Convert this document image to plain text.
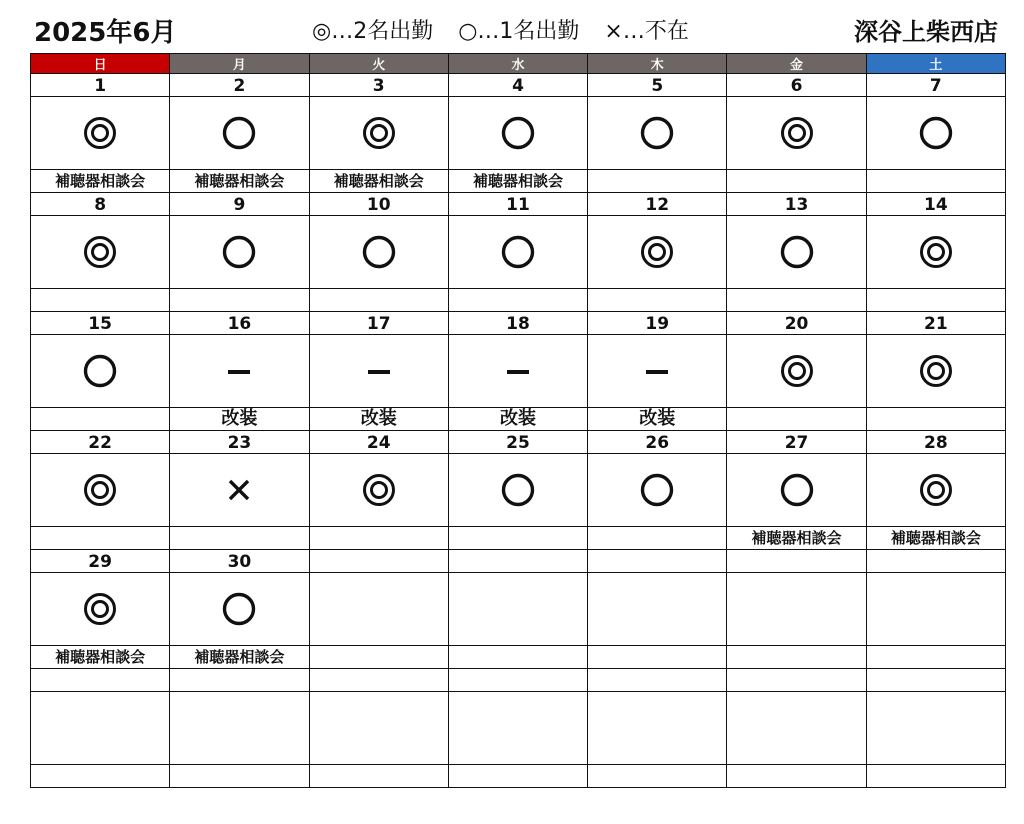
2025年6月	◎…2名出勤 ○…1名出勤 ×…不在	深谷上柴西店
日	月	火	水	木	金	土
1	2	3	4	5	6	7

補聴器相談会	補聴器相談会	補聴器相談会	補聴器相談会			
8	9	10	11	12	13	14

15	16	17	18	19	20	21

	改装	改装	改装	改装		
22	23	24	25	26	27	28

					補聴器相談会	補聴器相談会
29	30					

補聴器相談会	補聴器相談会					
